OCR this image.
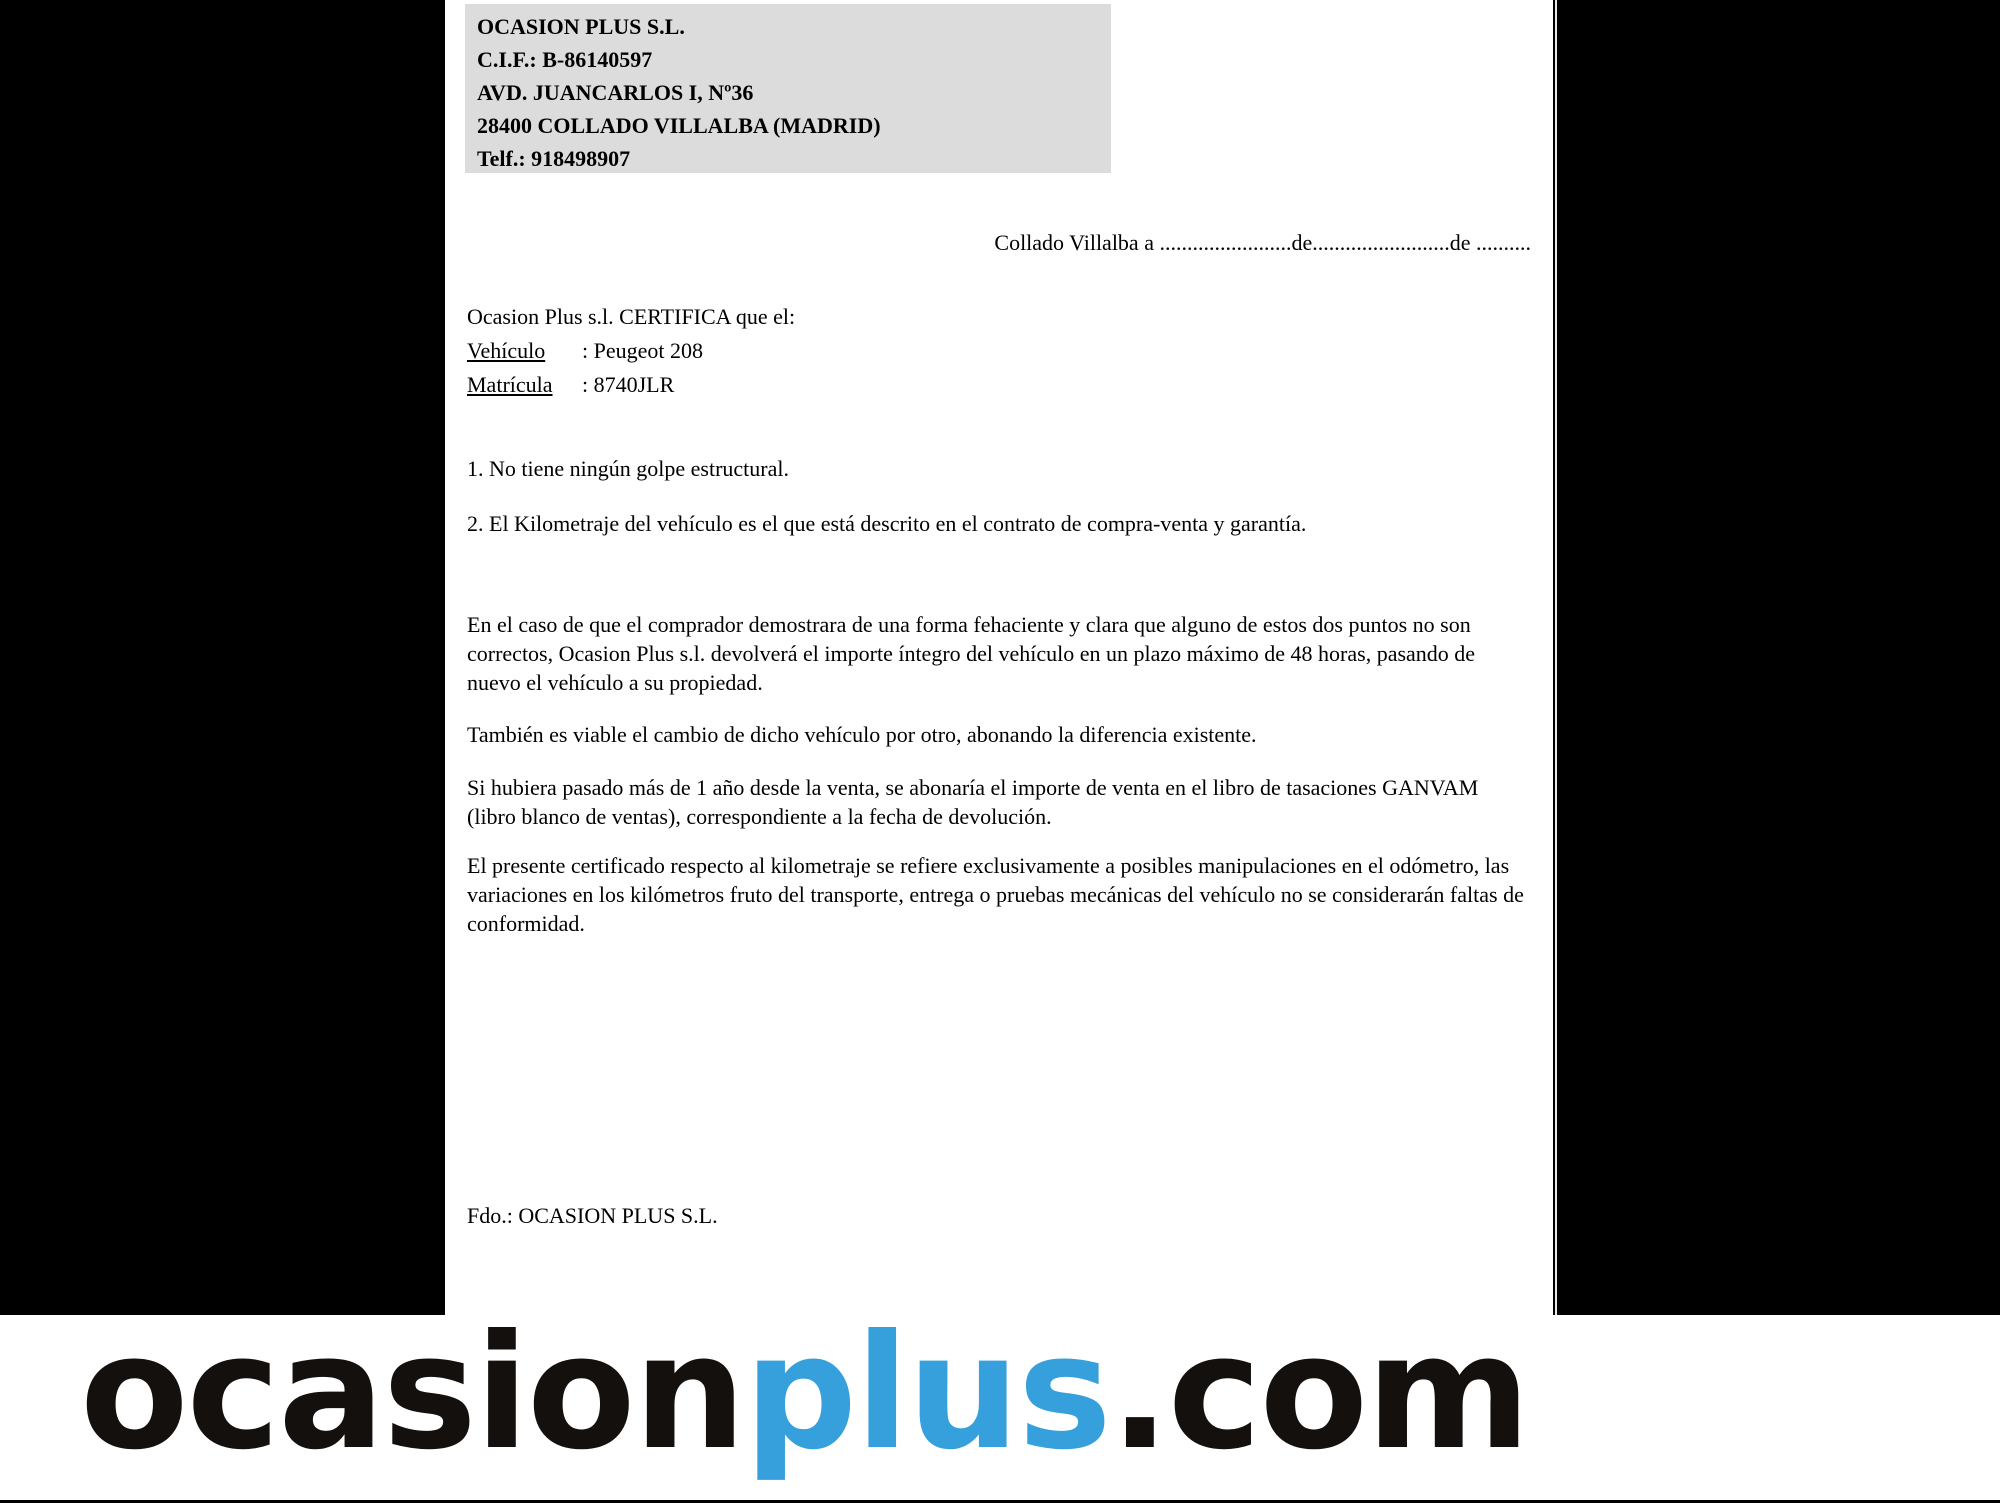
OCASION PLUS S.L.
C.I.F.: B-86140597
AVD. JUANCARLOS I, Nº36
28400 COLLADO VILLALBA (MADRID)
Telf.: 918498907
Collado Villalba a ........................de.........................de ..........
Ocasion Plus s.l. CERTIFICA que el:
Vehículo : Peugeot 208
Matrícula : 8740JLR
1. No tiene ningún golpe estructural.
2. El Kilometraje del vehículo es el que está descrito en el contrato de compra-venta y garantía.
En el caso de que el comprador demostrara de una forma fehaciente y clara que alguno de estos dos puntos no son correctos, Ocasion Plus s.l. devolverá el importe íntegro del vehículo en un plazo máximo de 48 horas, pasando de nuevo el vehículo a su propiedad.
También es viable el cambio de dicho vehículo por otro, abonando la diferencia existente.
Si hubiera pasado más de 1 año desde la venta, se abonaría el importe de venta en el libro de tasaciones GANVAM (libro blanco de ventas), correspondiente a la fecha de devolución.
El presente certificado respecto al kilometraje se refiere exclusivamente a posibles manipulaciones en el odómetro, las variaciones en los kilómetros fruto del transporte, entrega o pruebas mecánicas del vehículo no se considerarán faltas de conformidad.
Fdo.: OCASION PLUS S.L.
ocasionplus.com
